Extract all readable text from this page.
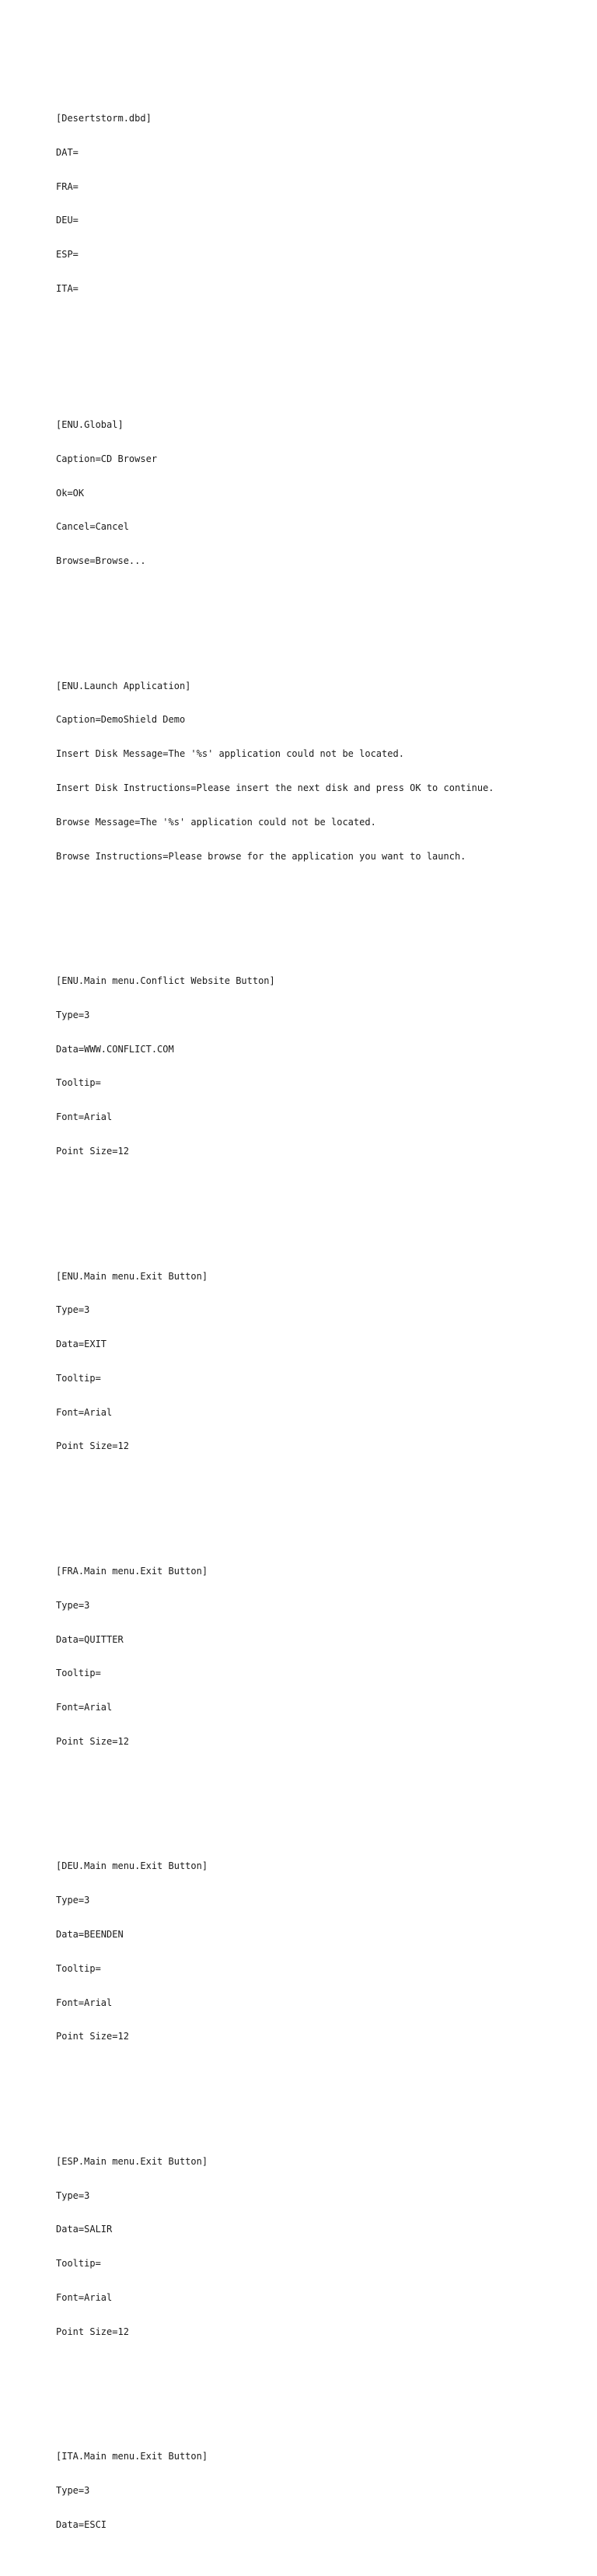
[Desertstorm.dbd]

DAT=

FRA=

DEU=

ESP=

ITA=

[ENU.Global]

Caption=CD Browser

Ok=OK

Cancel=Cancel

Browse=Browse...

[ENU.Launch Application]

Caption=DemoShield Demo

Insert Disk Message=The '%s' application could not be located.

Insert Disk Instructions=Please insert the next disk and press OK to continue.

Browse Message=The '%s' application could not be located.

Browse Instructions=Please browse for the application you want to launch.

[ENU.Main menu.Conflict Website Button]

Type=3

Data=WWW.CONFLICT.COM

Tooltip=

Font=Arial

Point Size=12

[ENU.Main menu.Exit Button]

Type=3

Data=EXIT

Tooltip=

Font=Arial

Point Size=12

[FRA.Main menu.Exit Button]

Type=3

Data=QUITTER

Tooltip=

Font=Arial

Point Size=12

[DEU.Main menu.Exit Button]

Type=3

Data=BEENDEN

Tooltip=

Font=Arial

Point Size=12

[ESP.Main menu.Exit Button]

Type=3

Data=SALIR

Tooltip=

Font=Arial

Point Size=12

[ITA.Main menu.Exit Button]

Type=3

Data=ESCI
